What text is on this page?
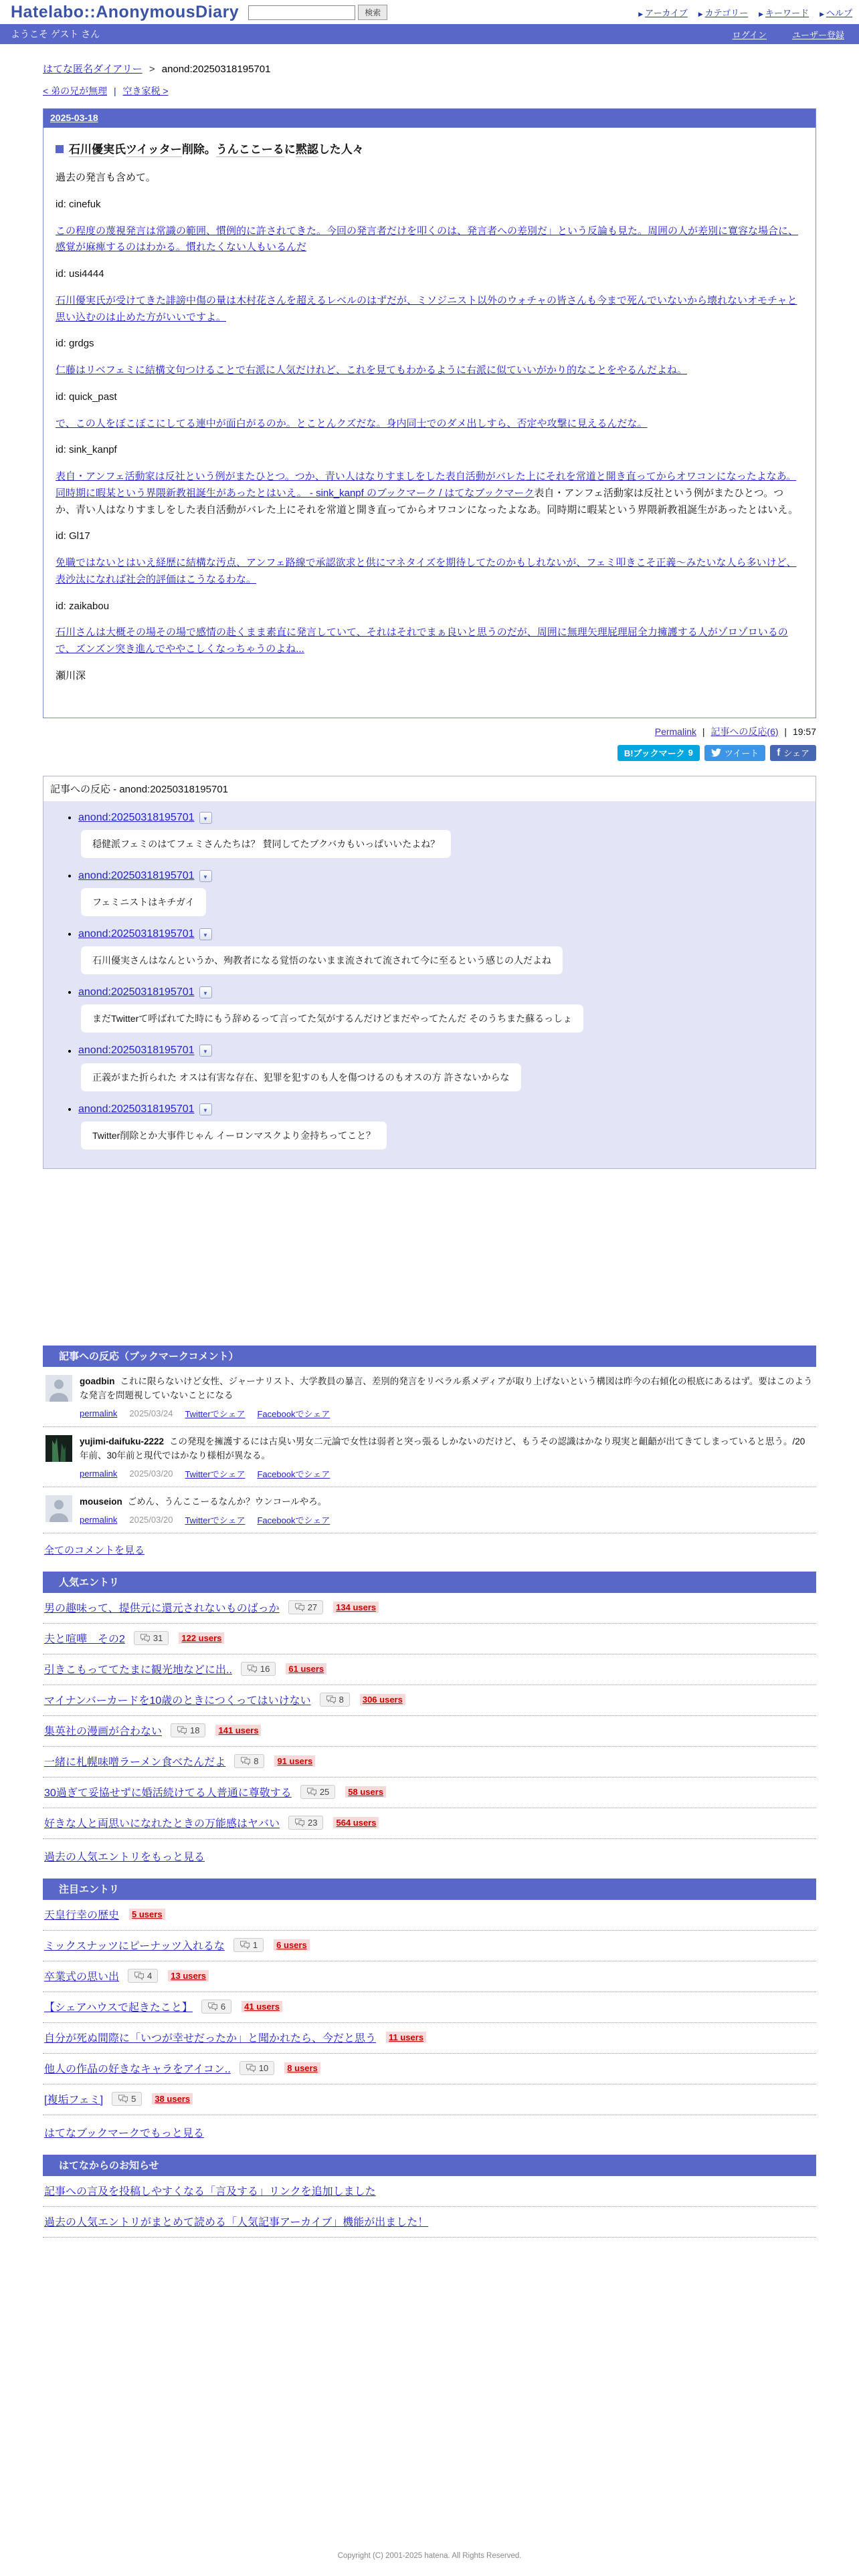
Hatelabo::AnonymousDiary	検索	▶ アーカイブ ▶ カテゴリー ▶ キーワード ▶ ヘルプ
ようこそ ゲスト さん	ログイン	ユーザー登録
はてな匿名ダイアリー > anond:20250318195701
< 弟の兄が無理 | 空き家税 >
2025-03-18
石川優実氏ツイッター削除。うんここーるに黙認した人々

過去の発言も含めて。

id: cinefuk

この程度の蔑視発言は常識の範囲、慣例的に許されてきた。今回の発言者だけを叩くのは、発言者への差別だ」という反論も見た。周囲の人が差別に寛容な場合に、感覚が麻痺するのはわかる。慣れたくない人もいるんだ

id: usi4444

石川優実氏が受けてきた誹謗中傷の量は木村花さんを超えるレベルのはずだが、ミソジニスト以外のウォチャの皆さんも今まで死んでいないから壊れないオモチャと思い込むのは止めた方がいいですよ。

id: grdgs

仁藤はリベフェミに結構文句つけることで右派に人気だけれど、これを見てもわかるように右派に似ていいがかり的なことをやるんだよね。

id: quick_past

で、この人をぼこぼこにしてる連中が面白がるのか。とことんクズだな。身内同士でのダメ出しすら、否定や攻撃に見えるんだな。

id: sink_kanpf

表自・アンフェ活動家は反社という例がまたひとつ。つか、青い人はなりすましをした表自活動がバレた上にそれを常道と開き直ってからオワコンになったよなあ。同時期に暇某という界隈新教祖誕生があったとはいえ。 - sink_kanpf のブックマーク / はてなブックマーク表自・アンフェ活動家は反社という例がまたひとつ。つか、青い人はなりすましをした表自活動がバレた上にそれを常道と開き直ってからオワコンになったよなあ。同時期に暇某という界隈新教祖誕生があったとはいえ。

id: Gl17

免職ではないとはいえ経歴に結構な汚点、アンフェ路線で承認欲求と供にマネタイズを期待してたのかもしれないが、フェミ叩きこそ正義〜みたいな人ら多いけど、表沙汰になれば社会的評価はこうなるわな。

id: zaikabou

石川さんは大概その場その場で感情の赴くまま素直に発言していて、それはそれでまぁ良いと思うのだが、周囲に無理矢理屁理屈全力擁護する人がゾロゾロいるので、ズンズン突き進んでややこしくなっちゃうのよね...

瀬川深

Permalink | 記事への反応(6) | 19:57
B!ブックマーク 9	ツイート f シェア
記事への反応 - anond:20250318195701
• anond:20250318195701 ▼
穏健派フェミのはてフェミさんたちは？ 賛同してたブクバカもいっぱいいたよね？
• anond:20250318195701 ▼
フェミニストはキチガイ
• anond:20250318195701 ▼
石川優実さんはなんというか、殉教者になる覚悟のないまま流されて流されて今に至るという感じの人だよね
• anond:20250318195701 ▼
まだTwitterて呼ばれてた時にもう辞めるって言ってた気がするんだけどまだやってたんだ そのうちまた蘇るっしょ
• anond:20250318195701 ▼
正義がまた折られた オスは有害な存在、犯罪を犯すのも人を傷つけるのもオスの方 許さないからな
• anond:20250318195701 ▼
Twitter削除とか大事件じゃん イーロンマスクより金持ちってこと？
記事への反応（ブックマークコメント）
goadbin これに限らないけど女性、ジャーナリスト、大学教員の暴言、差別的発言をリベラル系メディアが取り上げないという構図は昨今の右傾化の根底にあるはず。要はこのような発言を問題視していないことになる
permalink 2025/03/24 Twitterでシェア Facebookでシェア
yujimi-daifuku-2222 この発現を擁護するには古臭い男女二元論で女性は弱者と突っ張るしかないのだけど、もうその認識はかなり現実と齟齬が出てきてしまっていると思う。/20年前、30年前と現代ではかなり様相が異なる。
permalink 2025/03/20 Twitterでシェア Facebookでシェア
mouseion ごめん、うんここーるなんか？ウンコールやろ。
permalink 2025/03/20 Twitterでシェア Facebookでシェア
全てのコメントを見る
人気エントリ
男の趣味って、提供元に還元されないものばっか	27	134 users
夫と喧嘩　その2	31	122 users
引きこもっててたまに観光地などに出..	16	61 users
マイナンバーカードを10歳のときにつくってはいけない	8	306 users
集英社の漫画が合わない	18	141 users
一緒に札幌味噌ラーメン食べたんだよ	8	91 users
30過ぎて妥協せずに婚活続けてる人普通に尊敬する	25	58 users
好きな人と両思いになれたときの万能感はヤバい	23	564 users
過去の人気エントリをもっと見る
注目エントリ
天皇行幸の歴史	5 users
ミックスナッツにピーナッツ入れるな	1	6 users
卒業式の思い出	4	13 users
【シェアハウスで起きたこと】	6	41 users
自分が死ぬ間際に「いつが幸せだったか」と聞かれたら、今だと思う	11 users
他人の作品の好きなキャラをアイコン..	10	8 users
[複垢フェミ]	5	38 users
はてなブックマークでもっと見る
はてなからのお知らせ
記事への言及を投稿しやすくなる「言及する」リンクを追加しました
過去の人気エントリがまとめて読める「人気記事アーカイブ」機能が出ました！
Copyright (C) 2001-2025 hatena. All Rights Reserved.
